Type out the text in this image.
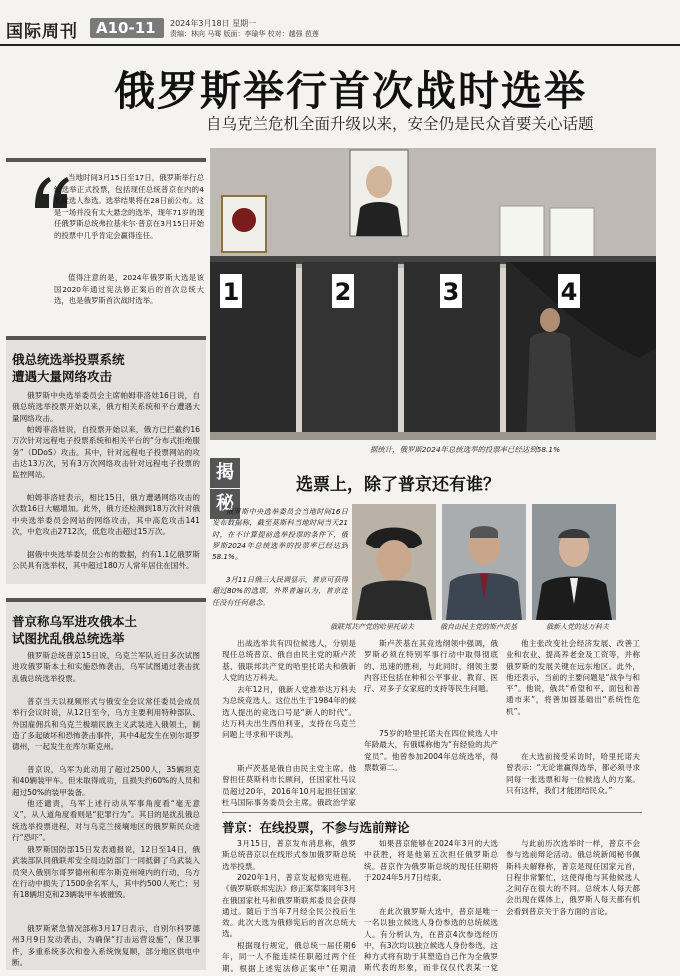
国际周刊 A10-11 2024年3月18日 星期一
责编：林向 马骞 版面：李瑜华 校对：越强 苞莲
俄罗斯举行首次战时选举
自乌克兰危机全面升级以来，安全仍是民众首要关心话题

当地时间3月15日至17日，俄罗斯举行总统选举正式投票，包括现任总统普京在内的4名候选人参选。选举结果将在28日前公布。这是一场并没有太大悬念的选举，现年71岁的现任俄罗斯总统弗拉基米尔·普京在3月15日开始的投票中几乎肯定会赢得连任。

值得注意的是，2024年俄罗斯大选是该国2020年通过宪法修正案后的首次总统大选，也是俄罗斯首次战时选举。	1	2	3	4
据统计，俄罗斯2024年总统选举的投票率已经达到58.1%
俄总统选举投票系统
遭遇大量网络攻击

俄罗斯中央选举委员会主席帕姆菲洛娃16日说，自俄总统选举投票开始以来，俄方相关系统和平台遭遇大量网络攻击。

帕姆菲洛娃说，自投票开始以来，俄方已拦截约16万次针对远程电子投票系统和相关平台的“分布式拒绝服务”（DDoS）攻击。其中，针对远程电子投票网站的攻击达13万次，另有3万次网络攻击针对远程电子投票的监控网站。

帕姆菲洛娃表示，相比15日，俄方遭遇网络攻击的次数16日大幅增加。此外，俄方还检测到18万次针对俄中央选举委员会网站的网络攻击，其中高危攻击141次，中危攻击2712次，低危攻击超过15万次。

据俄中央选举委员会公布的数据，约有1.1亿俄罗斯公民具有选举权，其中超过180万人常年居住在国外。

普京称乌军进攻俄本土
试图扰乱俄总统选举

俄罗斯总统普京15日说，乌克兰军队近日多次试图进攻俄罗斯本土和实施恐怖袭击，乌军试图通过袭击扰乱俄总统选举投票。

普京当天以视频形式与俄安全会议常任委员会成员举行会议时说，从12日至今，乌方主要利用特种部队、外国雇佣兵和乌克兰极端民族主义武装进入俄领土，制造了多起破坏和恐怖袭击事件，其中4起发生在别尔哥罗德州，一起发生在库尔斯克州。

普京说，乌军为此动用了超过2500人，35辆坦克和40辆装甲车。但未取得成功，且损失约60%的人员和超过50%的装甲装备。

他还谴责，乌军上述行动从军事角度看“毫无意义”，从人道角度看则是“犯罪行为”。其目的是扰乱俄总统选举投票进程，对与乌克兰接壤地区的俄罗斯民众进行“恐吓”。

俄罗斯国防部15日发表通报说，12日至14日，俄武装部队同俄联邦安全局边防部门一同抵御了乌武装入员突入俄别尔哥罗德州和库尔斯克州境内的行动，乌方在行动中损失了1500余名军人，其中约500人死亡；另有18辆坦克和23辆装甲车被摧毁。

俄罗斯紧急情况部称3月17日表示，自别尔科罗德州3月9日发动袭击，为确保“打击运营设施”，保卫事件，多重系统多次和卷入系统恢复顺，部分地区供电中断。

揭
秘
选票上，除了普京还有谁？

俄罗斯中央选举委员会当地时间16日发布数据称，截至莫斯科当地时间当天21时，在不计算提前选举投票的条件下，俄罗斯2024年总统选举的投票率已经达到58.1%。

3月11日俄三大民调显示，普京可获得超过80%的选票，外界普遍认为，普京连任没有任何悬念。

俄联邦共产党的哈里托诺夫	俄自由民主党的斯卢茨基	俄新人党的达万科夫

出战选举共有四位候选人，分别是现任总统普京、俄自由民主党的斯卢茨基、俄联邦共产党的哈里托诺夫和俄新人党的达万科夫。

去年12月，俄新人党推举达万科夫为总统竞选人。这位出生于1984年的候选人提出的竞选口号是“新人的时代”。达万科夫出生西伯利亚，支持在乌克兰问题上寻求和平谈判。

斯卢茨基是俄自由民主党主席。他曾担任莫斯科市长顾问，任国家杜马议员超过20年，2016年10月起担任国家杜马国际事务委员会主席。俄政治学家

斯卢茨基在其竞选纲领中强调，俄罗斯必须在特别军事行动中取得彻底的、迅速的胜利，与此同时，纲领主要内容还包括在种和公平事业、教育、医疗、对多子女家庭的支持等民生问题。

75岁的哈里托诺夫在四位候选人中年龄最大，有俄媒称他为“有经验的共产党员”。他曾参加2004年总统选举，得票数第二。

他主张改变社会经济发展、改善工业和农业、提高养老金及工资等，并称俄罗斯的发展关键在远东地区。此外，他还表示，当前的主要问题是“战争与和平”。他说，俄共“希望和平、面包和普通市来”，将善加固基础出“系统性危机”。

在大选前接受采访时，哈里托诺夫曾表示：“无论谁赢得选举，都必须寻求同每一张选票和每一位候选人的方案。只有这样，我们才能团结民众。”

普京：在线投票，不参与选前辩论

3月15日，普京发布消息称，俄罗斯总统普京以在线形式参加俄罗斯总统选举投票。

2020年1月，普京发起修宪进程。《俄罗斯联邦宪法》修正案草案同年3月在俄国家杜马和俄罗斯联邦委员会获得通过。随后于当年7月经全民公投后生效。此次大选为俄修宪后的首次总统大选。

根据现行规定，俄总统一届任期6年，同一人不能连续任职超过两个任期。根据上述宪法修正案中“任期清

如果普京能够在2024年3月的大选中获胜，将是他第五次担任俄罗斯总统。普京作为俄罗斯总统的现任任期将于2024年5月7日结束。

在此次俄罗斯大选中，普京是唯一一名以独立候选人身份参选的总统候选人。有分析认为，在普京4次参选经历中，有3次均以独立候选人身份参选，这种方式将有助于其塑造自己作为全俄罗斯代表的形象，而非仅仅代表某一党

与此前历次选举时一样，普京不会参与选前辩论活动。俄总统新闻秘书佩斯科夫解释称，普京是现任国家元首，日程非常繁忙，这使得他与其他候选人之间存在很大的不同。总统本人每天都会出现在媒体上，俄罗斯人每天都有机会看到普京关于各方面的言论。
